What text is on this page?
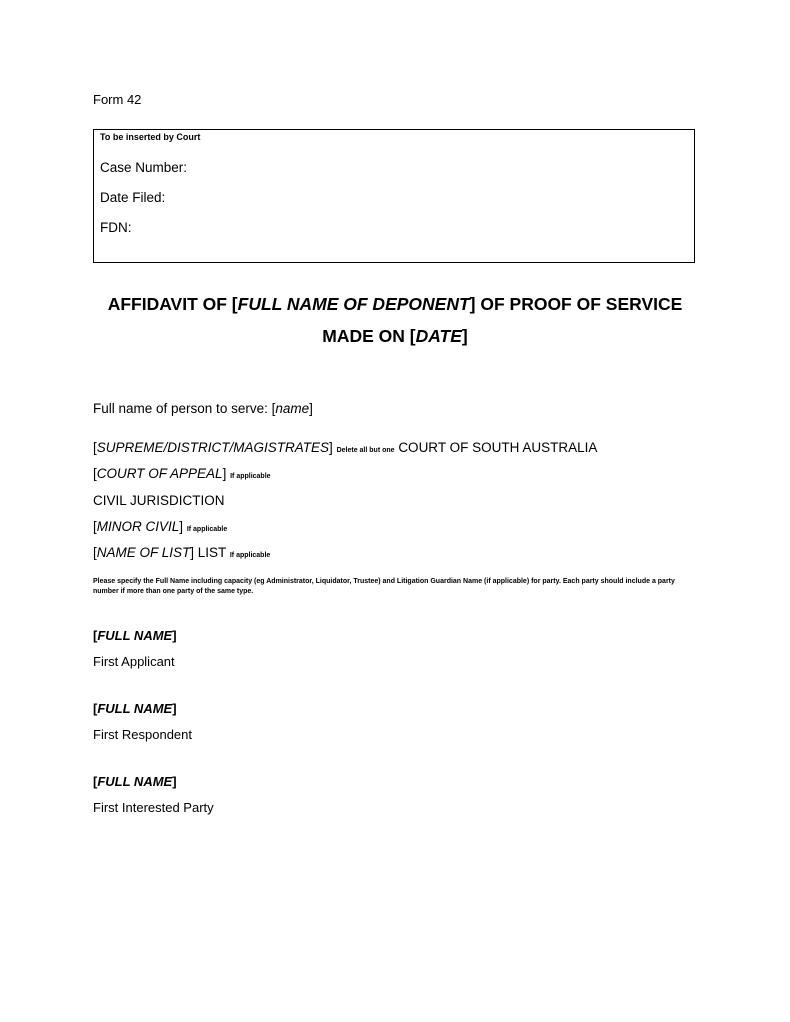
Form 42
To be inserted by Court
Case Number:
Date Filed:
FDN:
AFFIDAVIT OF [FULL NAME OF DEPONENT] OF PROOF OF SERVICE
MADE ON [DATE]
Full name of person to serve: [name]
[SUPREME/DISTRICT/MAGISTRATES] Delete all but one COURT OF SOUTH AUSTRALIA
[COURT OF APPEAL] If applicable
CIVIL JURISDICTION
[MINOR CIVIL] If applicable
[NAME OF LIST] LIST If applicable
Please specify the Full Name including capacity (eg Administrator, Liquidator, Trustee) and Litigation Guardian Name (if applicable) for party. Each party should include a party number if more than one party of the same type.
[FULL NAME]
First Applicant
[FULL NAME]
First Respondent
[FULL NAME]
First Interested Party
